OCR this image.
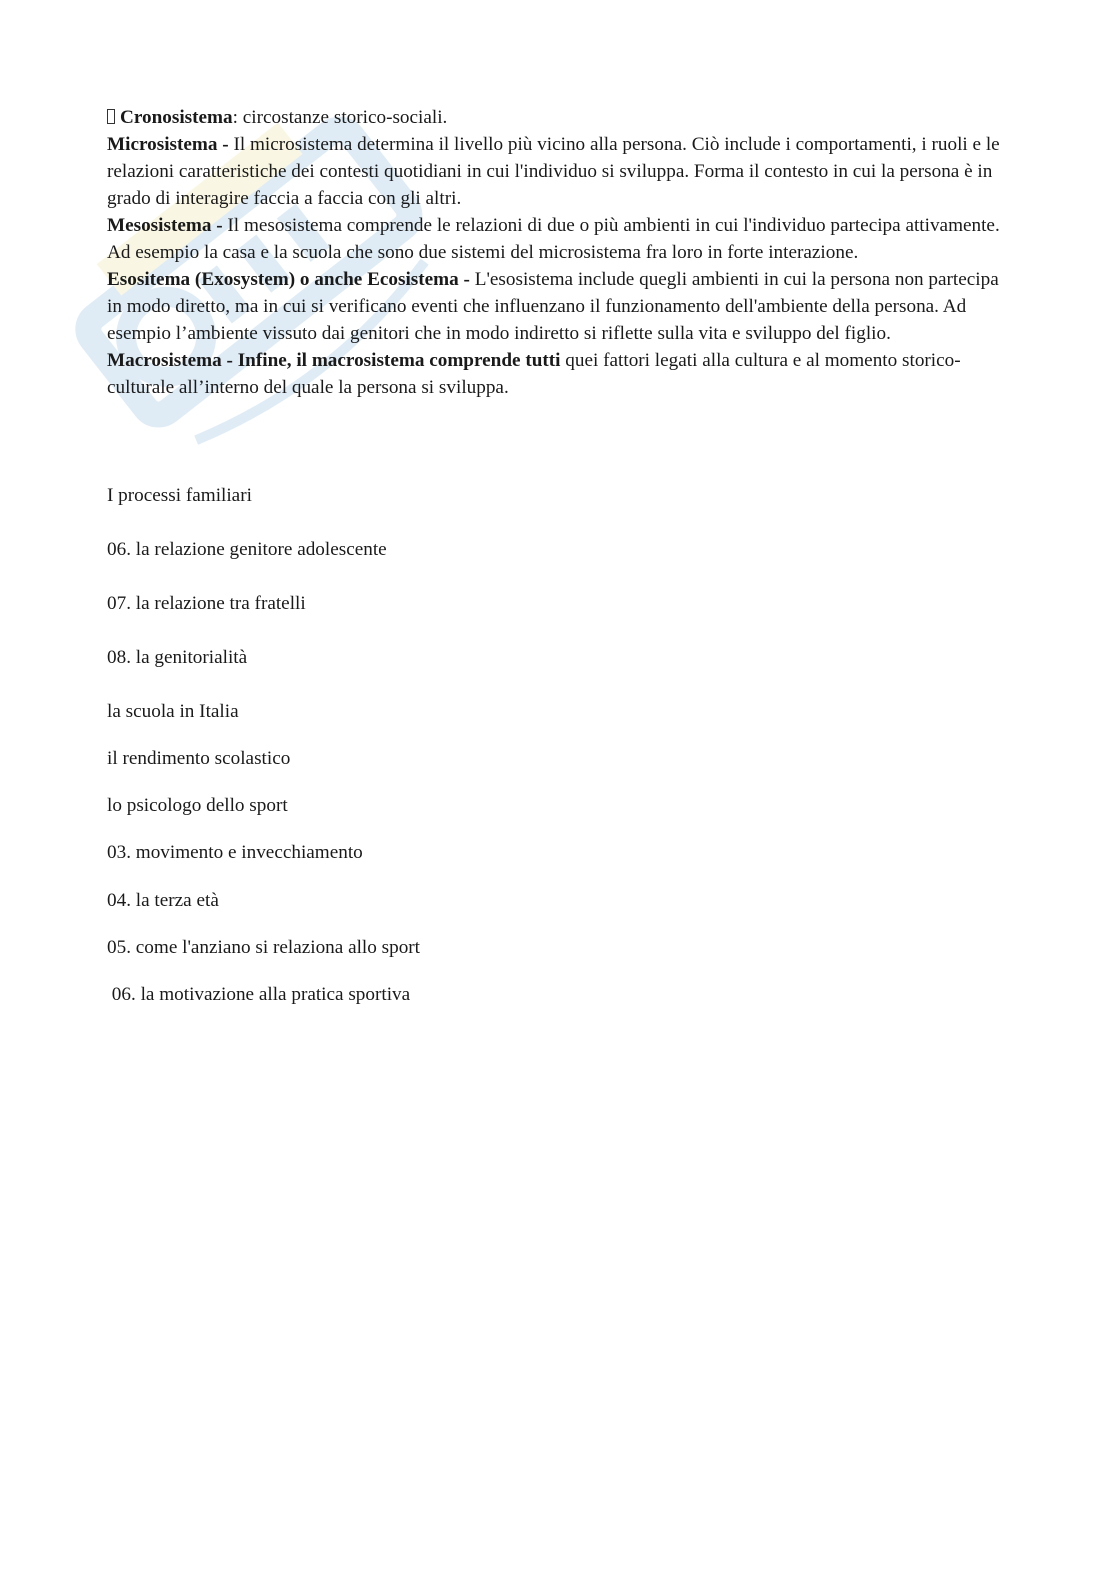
Cronosistema: circostanze storico-sociali.

Microsistema - Il microsistema determina il livello più vicino alla persona. Ciò include i comportamenti, i ruoli e le relazioni caratteristiche dei contesti quotidiani in cui l'individuo si sviluppa. Forma il contesto in cui la persona è in grado di interagire faccia a faccia con gli altri.

Mesosistema - Il mesosistema comprende le relazioni di due o più ambienti in cui l'individuo partecipa attivamente. Ad esempio la casa e la scuola che sono due sistemi del microsistema fra loro in forte interazione.

Esositema (Exosystem) o anche Ecosistema - L'esosistema include quegli ambienti in cui la persona non partecipa in modo diretto, ma in cui si verificano eventi che influenzano il funzionamento dell'ambiente della persona. Ad esempio l’ambiente vissuto dai genitori che in modo indiretto si riflette sulla vita e sviluppo del figlio.

Macrosistema - Infine, il macrosistema comprende tutti quei fattori legati alla cultura e al momento storico-culturale all’interno del quale la persona si sviluppa.

I processi familiari
06. la relazione genitore adolescente
07. la relazione tra fratelli
08. la genitorialità
la scuola in Italia
il rendimento scolastico
lo psicologo dello sport
03. movimento e invecchiamento
04. la terza età
05. come l'anziano si relaziona allo sport
06. la motivazione alla pratica sportiva
